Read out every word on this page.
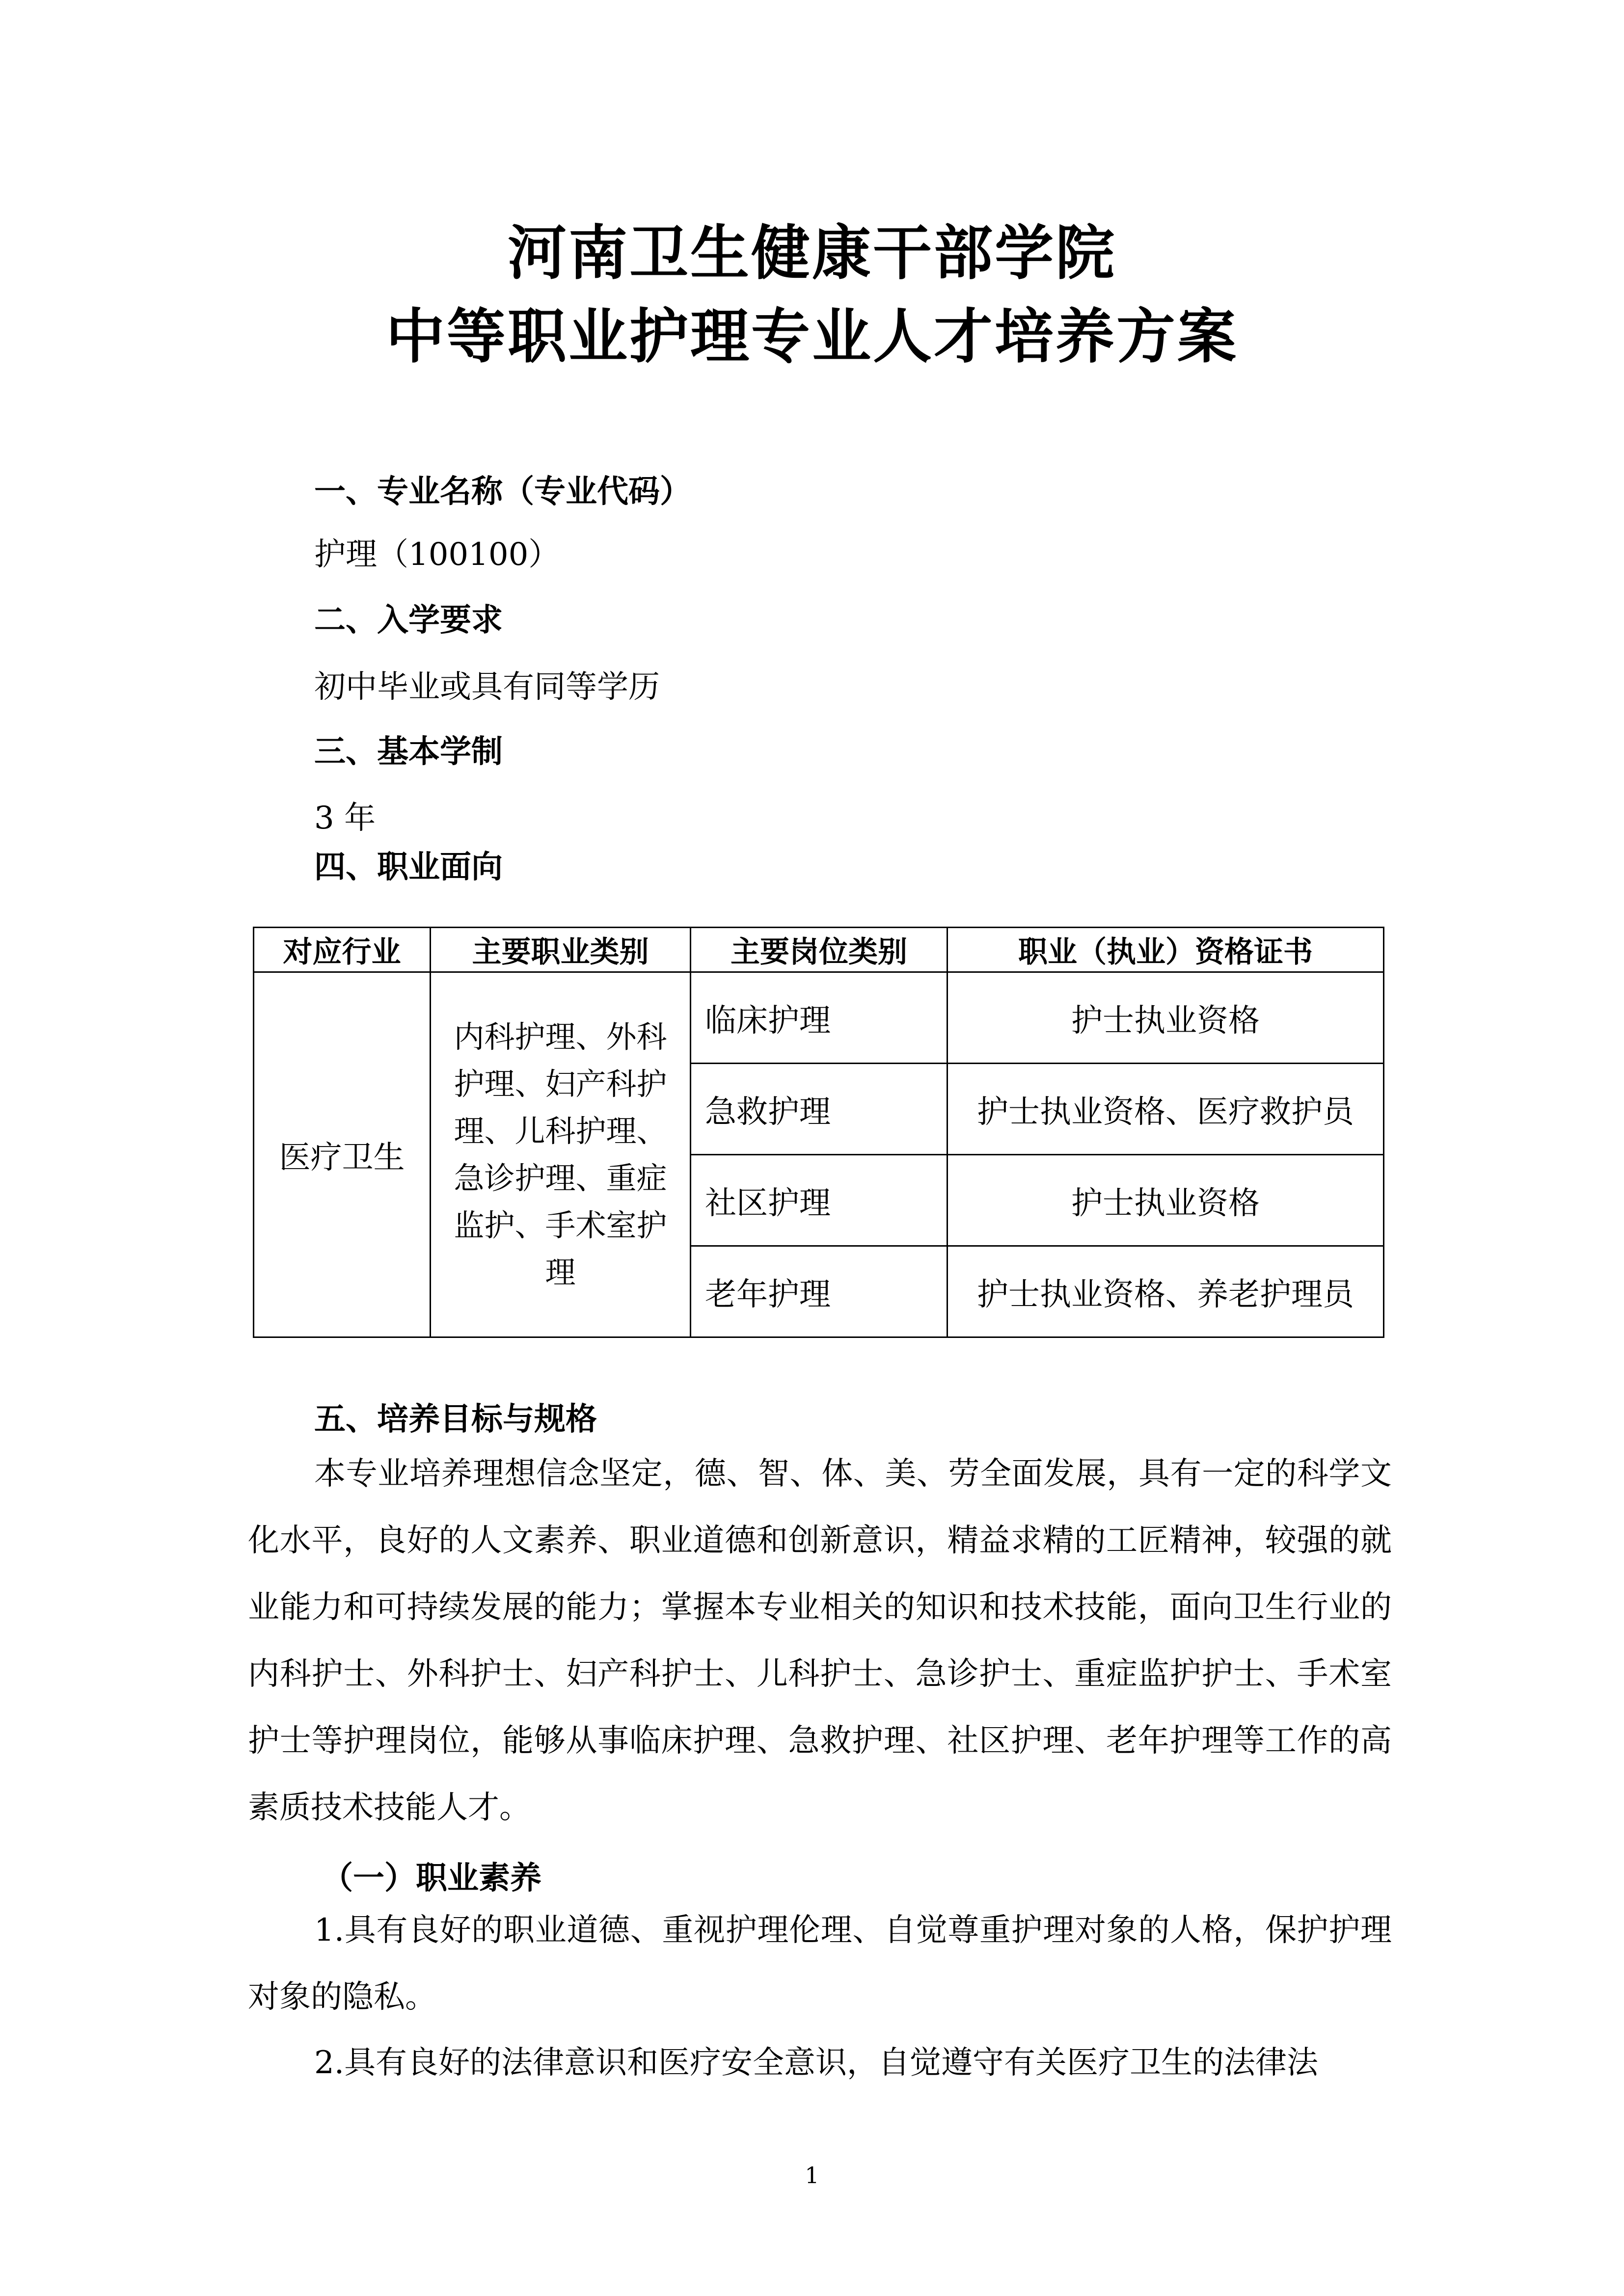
河南卫生健康干部学院
中等职业护理专业人才培养方案
一、专业名称（专业代码）
护理（100100）
二、入学要求
初中毕业或具有同等学历
三、基本学制
3 年
四、职业面向
对应行业	主要职业类别	主要岗位类别	职业（执业）资格证书
医疗卫生	内科护理、外科护理、妇产科护理、儿科护理、急诊护理、重症监护、手术室护理	临床护理	护士执业资格
		急救护理	护士执业资格、医疗救护员
		社区护理	护士执业资格
		老年护理	护士执业资格、养老护理员
五、培养目标与规格

本专业培养理想信念坚定，德、智、体、美、劳全面发展，具有一定的科学文化水平，良好的人文素养、职业道德和创新意识，精益求精的工匠精神，较强的就业能力和可持续发展的能力；掌握本专业相关的知识和技术技能，面向卫生行业的内科护士、外科护士、妇产科护士、儿科护士、急诊护士、重症监护护士、手术室护士等护理岗位，能够从事临床护理、急救护理、社区护理、老年护理等工作的高素质技术技能人才。

（一）职业素养

1.具有良好的职业道德、重视护理伦理、自觉尊重护理对象的人格，保护护理对象的隐私。

2.具有良好的法律意识和医疗安全意识，自觉遵守有关医疗卫生的法律法

1
